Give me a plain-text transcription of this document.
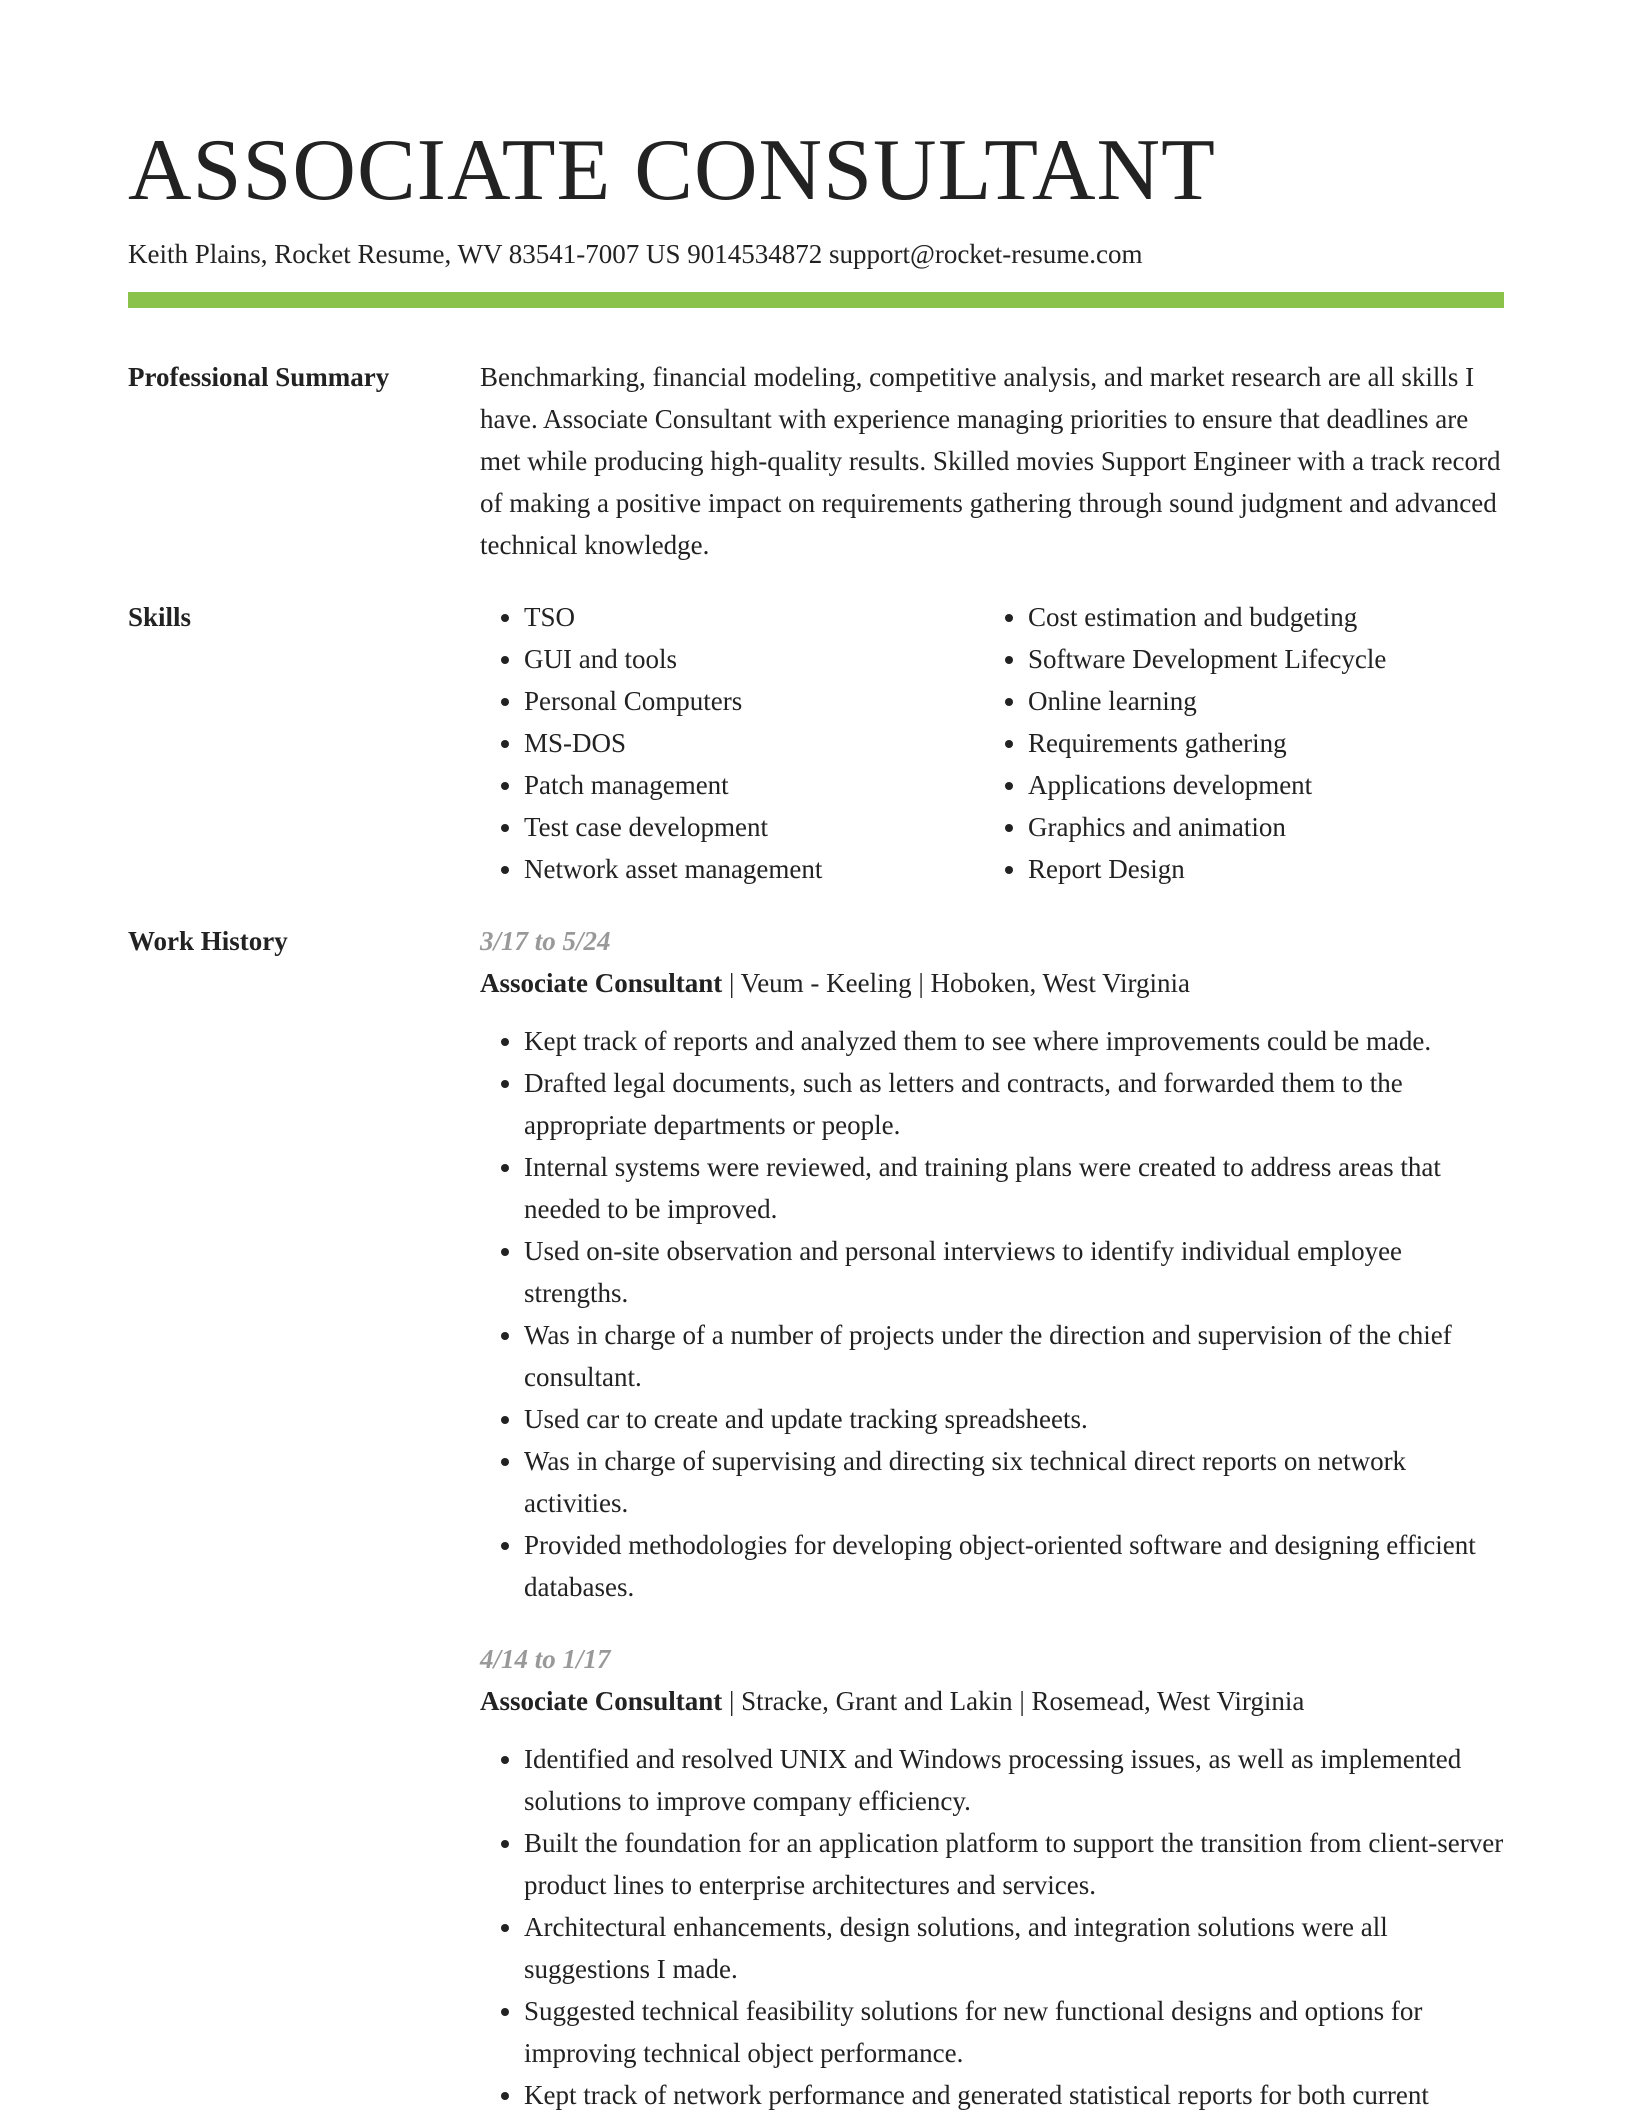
ASSOCIATE CONSULTANT
Keith Plains, Rocket Resume, WV 83541-7007 US 9014534872 support@rocket-resume.com
Professional Summary	Benchmarking, financial modeling, competitive analysis, and market research are all skills I have. Associate Consultant with experience managing priorities to ensure that deadlines are met while producing high-quality results. Skilled movies Support Engineer with a track record of making a positive impact on requirements gathering through sound judgment and advanced technical knowledge.

Skills
•	TSO
• GUI and tools
• Personal Computers
• MS-DOS
• Patch management
• Test case development
• Network asset management
• Cost estimation and budgeting
• Software Development Lifecycle
• Online learning
• Requirements gathering
• Applications development
• Graphics and animation
• Report Design
Work History	3/17 to 5/24
Associate Consultant | Veum - Keeling | Hoboken, West Virginia
• Kept track of reports and analyzed them to see where improvements could be made.
• Drafted legal documents, such as letters and contracts, and forwarded them to the appropriate departments or people.
• Internal systems were reviewed, and training plans were created to address areas that needed to be improved.
• Used on-site observation and personal interviews to identify individual employee strengths.
• Was in charge of a number of projects under the direction and supervision of the chief consultant.
• Used car to create and update tracking spreadsheets.
• Was in charge of supervising and directing six technical direct reports on network activities.
• Provided methodologies for developing object-oriented software and designing efficient databases.
4/14 to 1/17
Associate Consultant | Stracke, Grant and Lakin | Rosemead, West Virginia
• Identified and resolved UNIX and Windows processing issues, as well as implemented solutions to improve company efficiency.
• Built the foundation for an application platform to support the transition from client-server product lines to enterprise architectures and services.
• Architectural enhancements, design solutions, and integration solutions were all suggestions I made.
• Suggested technical feasibility solutions for new functional designs and options for improving technical object performance.
• Kept track of network performance and generated statistical reports for both current
